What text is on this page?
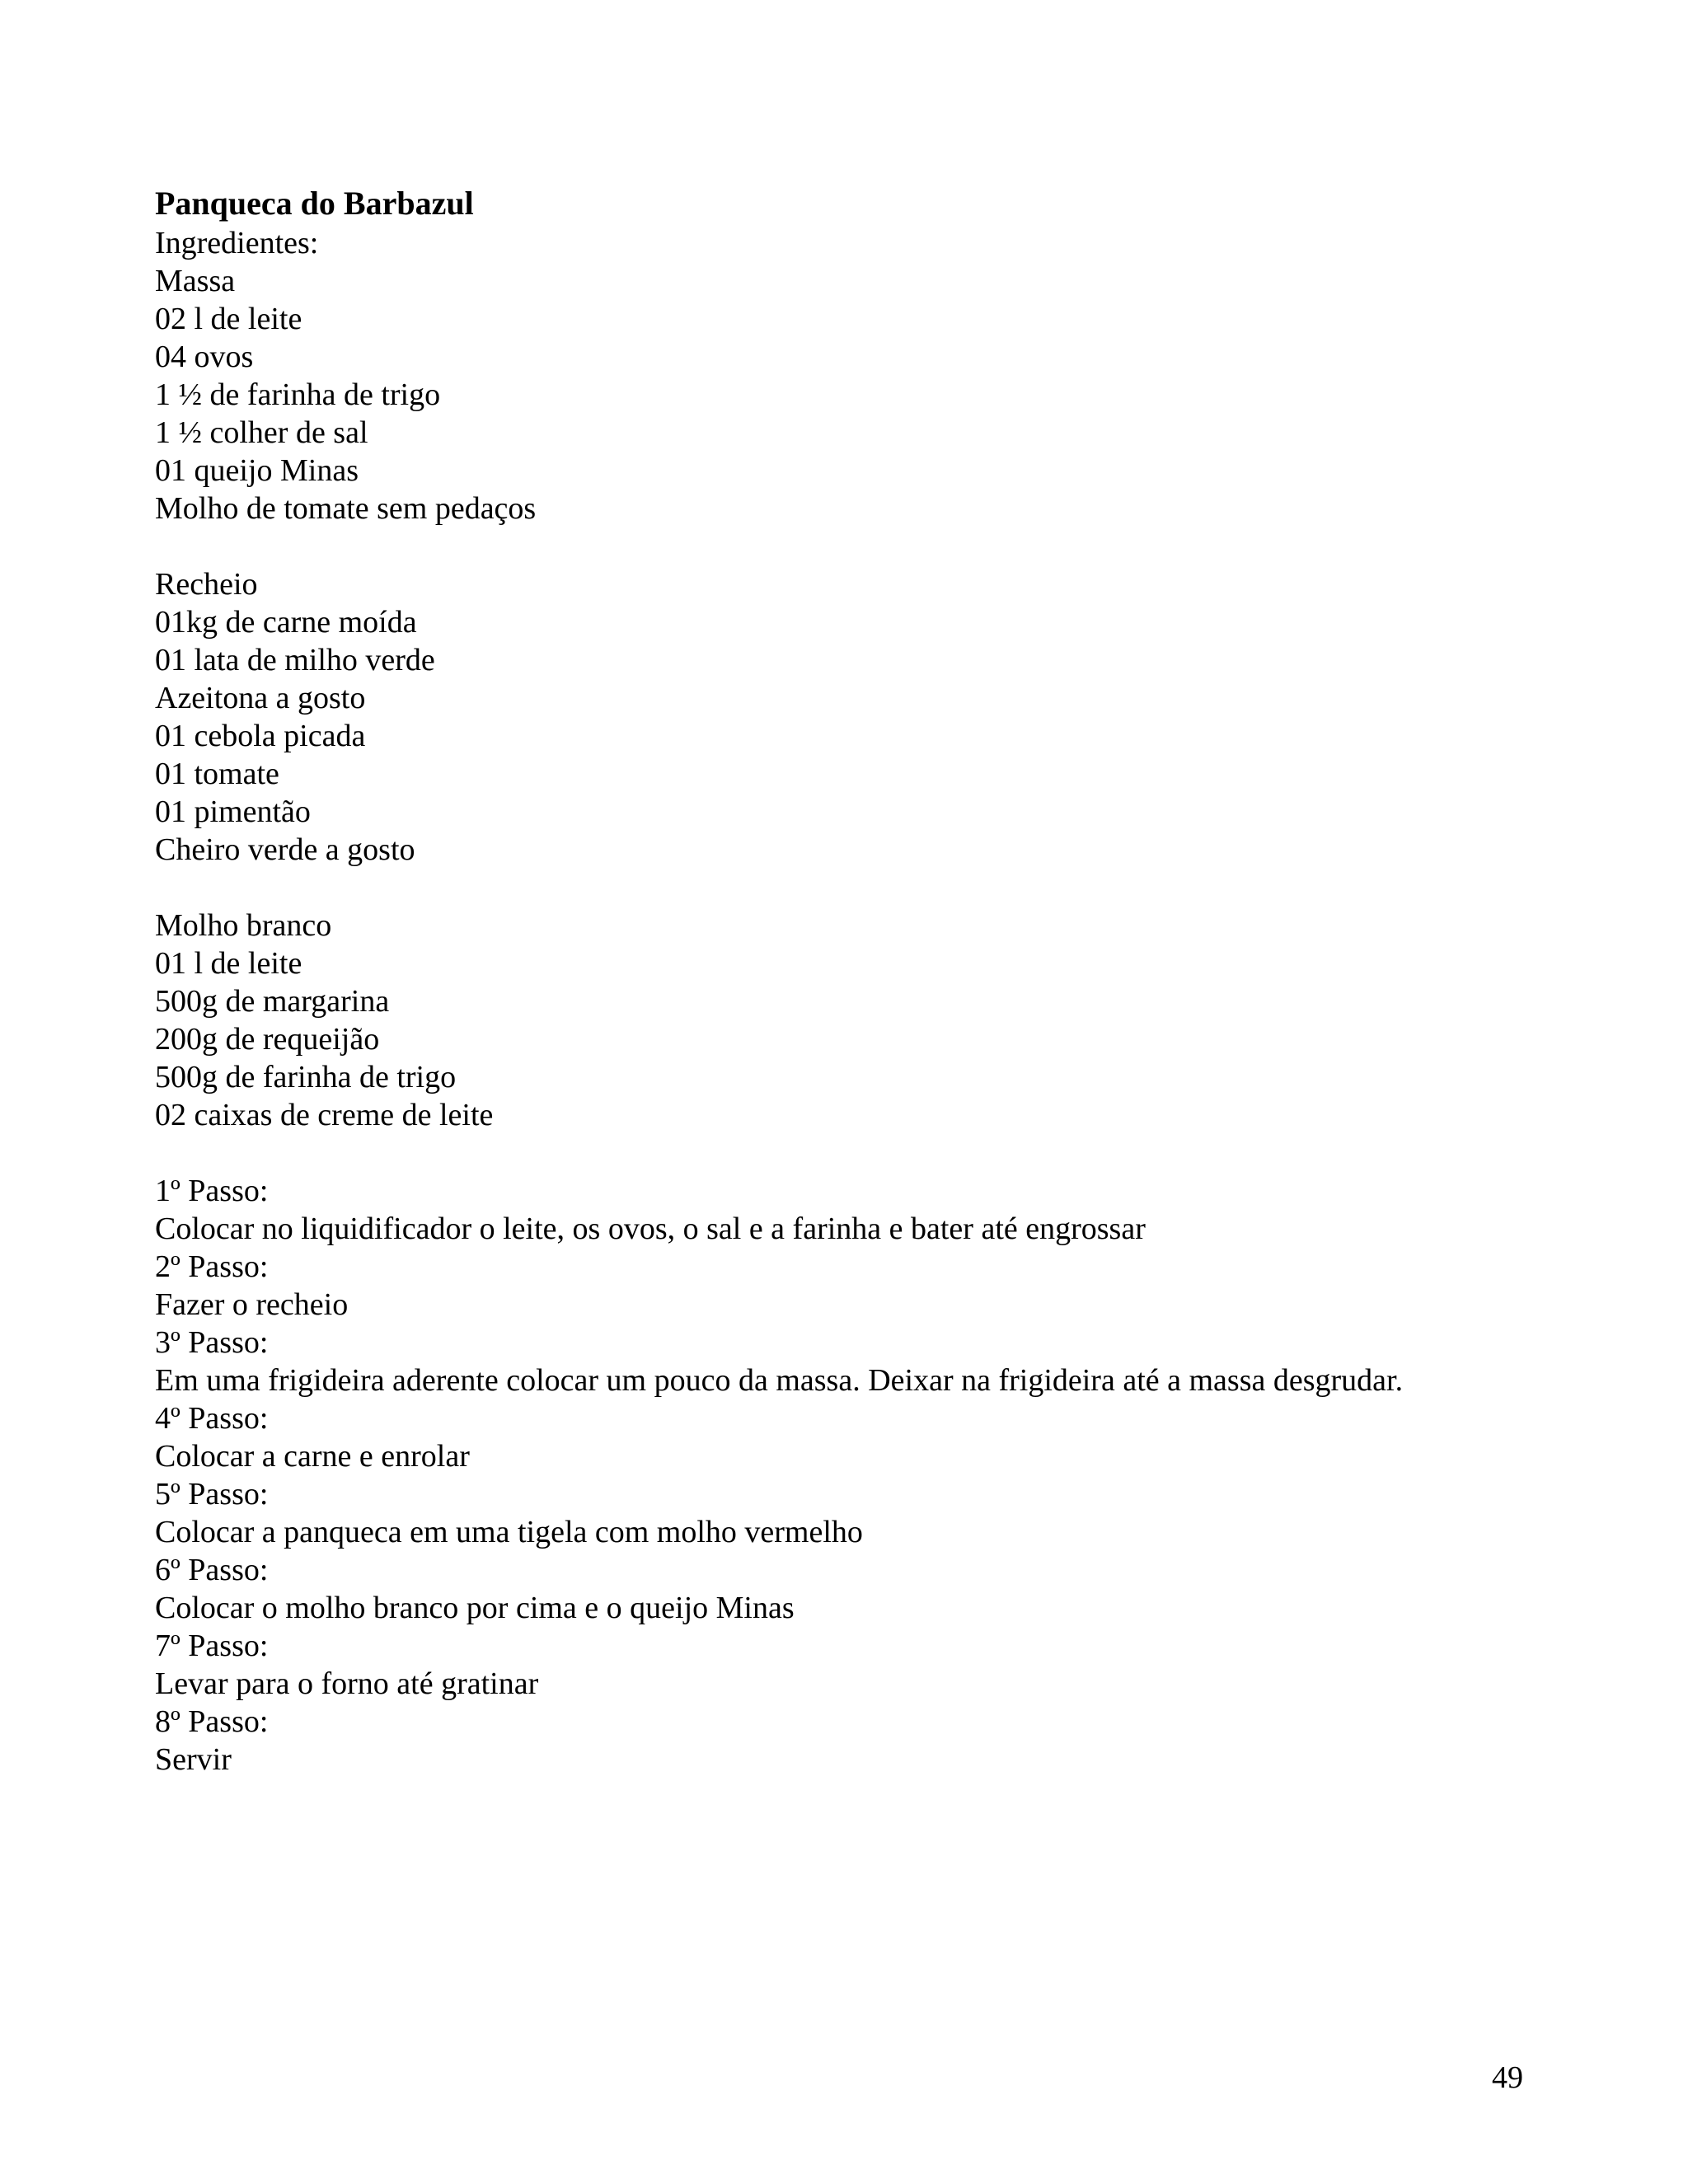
Panqueca do Barbazul
Ingredientes:
Massa
02 l de leite
04 ovos
1 ½ de farinha de trigo
1 ½ colher de sal
01 queijo Minas
Molho de tomate sem pedaços
Recheio
01kg de carne moída
01 lata de milho verde
Azeitona a gosto
01 cebola picada
01 tomate
01 pimentão
Cheiro verde a gosto
Molho branco
01 l de leite
500g de margarina
200g de requeijão
500g de farinha de trigo
02 caixas de creme de leite
1º Passo:
Colocar no liquidificador o leite, os ovos, o sal e a farinha e bater até engrossar
2º Passo:
Fazer o recheio
3º Passo:
Em uma frigideira aderente colocar um pouco da massa. Deixar na frigideira até a massa desgrudar.
4º Passo:
Colocar a carne e enrolar
5º Passo:
Colocar a panqueca em uma tigela com molho vermelho
6º Passo:
Colocar o molho branco por cima e o queijo Minas
7º Passo:
Levar para o forno até gratinar
8º Passo:
Servir
49
